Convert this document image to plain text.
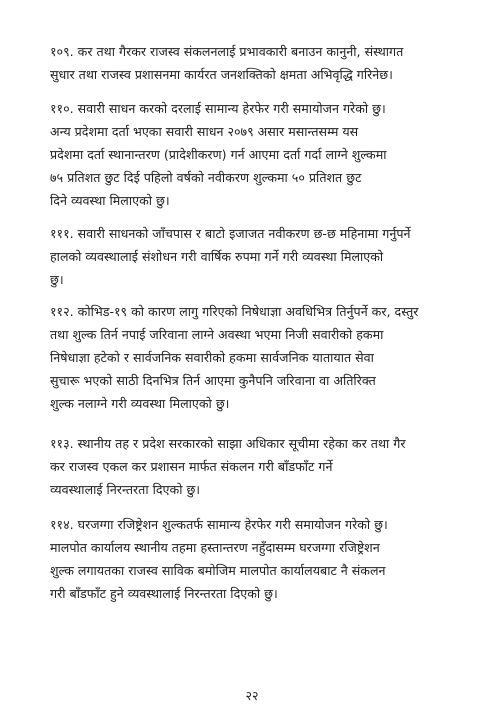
१०९. कर तथा गैरकर राजस्व संकलनलाई प्रभावकारी बनाउन कानुनी, संस्थागत
सुधार तथा राजस्व प्रशासनमा कार्यरत जनशक्तिको क्षमता अभिवृद्धि गरिनेछ।
११०. सवारी साधन करको दरलाई सामान्य हेरफेर गरी समायोजन गरेको छु।
अन्य प्रदेशमा दर्ता भएका सवारी साधन २०७९ असार मसान्तसम्म यस
प्रदेशमा दर्ता स्थानान्तरण (प्रादेशीकरण) गर्न आएमा दर्ता गर्दा लाग्ने शुल्कमा
७५ प्रतिशत छुट दिई पहिलो वर्षको नवीकरण शुल्कमा ५० प्रतिशत छुट
दिने व्यवस्था मिलाएको छु।
१११. सवारी साधनको जाँचपास र बाटो इजाजत नवीकरण छ-छ महिनामा गर्नुपर्ने
हालको व्यवस्थालाई संशोधन गरी वार्षिक रुपमा गर्ने गरी व्यवस्था मिलाएको
छु।
११२. कोभिड-१९ को कारण लागु गरिएको निषेधाज्ञा अवधिभित्र तिर्नुपर्ने कर, दस्तुर
तथा शुल्क तिर्न नपाई जरिवाना लाग्ने अवस्था भएमा निजी सवारीको हकमा
निषेधाज्ञा हटेको र सार्वजनिक सवारीको हकमा सार्वजनिक यातायात सेवा
सुचारू भएको साठी दिनभित्र तिर्न आएमा कुनैपनि जरिवाना वा अतिरिक्त
शुल्क नलाग्ने गरी व्यवस्था मिलाएको छु।
११३. स्थानीय तह र प्रदेश सरकारको साझा अधिकार सूचीमा रहेका कर तथा गैर
कर राजस्व एकल कर प्रशासन मार्फत संकलन गरी बाँडफाँट गर्ने
व्यवस्थालाई निरन्तरता दिएको छु।
११४. घरजग्गा रजिष्ट्रेशन शुल्कतर्फ सामान्य हेरफेर गरी समायोजन गरेको छु।
मालपोत कार्यालय स्थानीय तहमा हस्तान्तरण नहुँदासम्म घरजग्गा रजिष्ट्रेशन
शुल्क लगायतका राजस्व साविक बमोजिम मालपोत कार्यालयबाट नै संकलन
गरी बाँडफाँट हुने व्यवस्थालाई निरन्तरता दिएको छु।
२२
